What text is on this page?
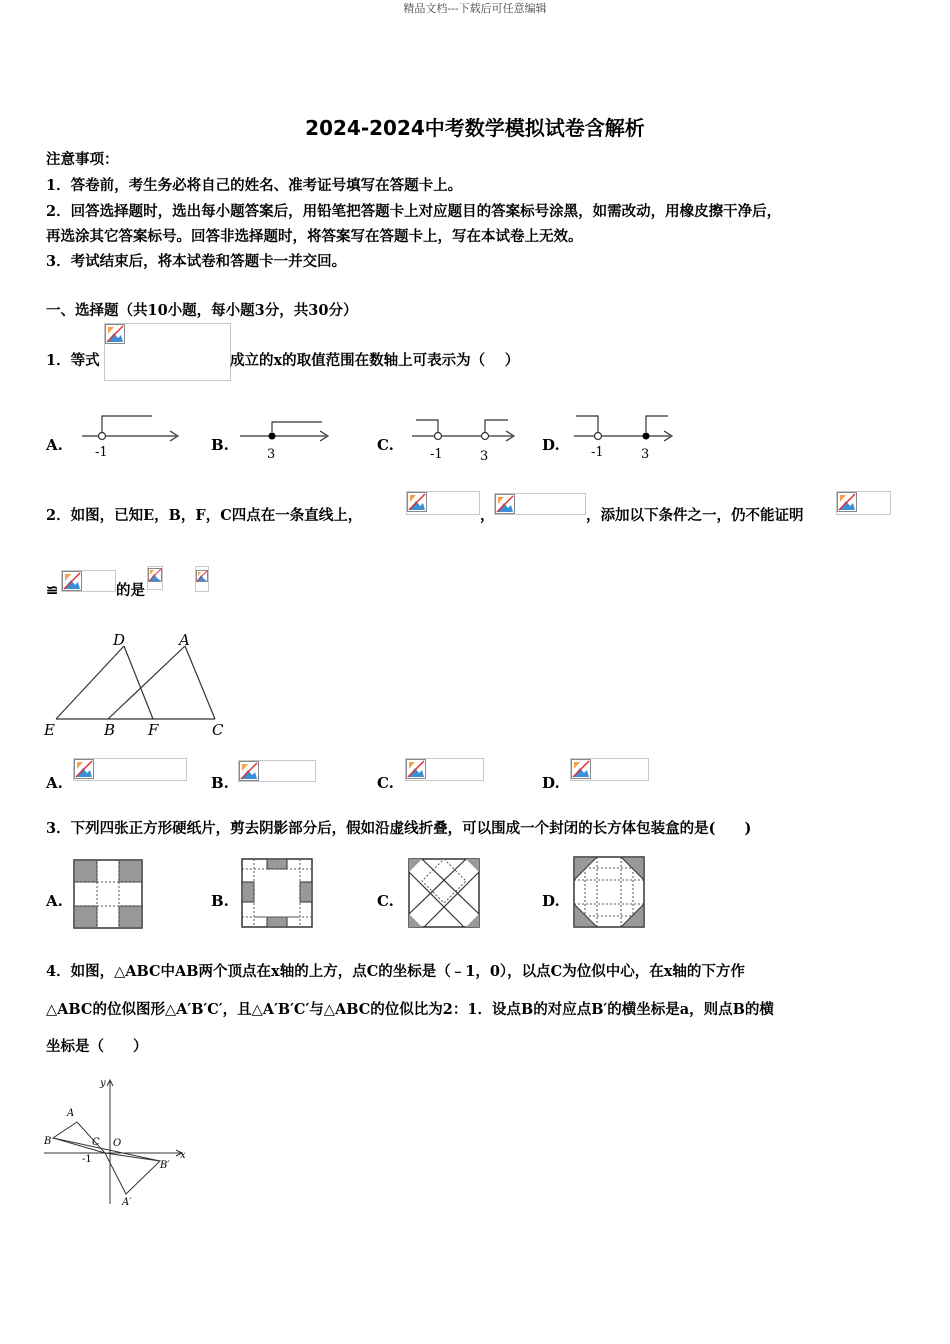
精品文档---下载后可任意编辑
2024-2024中考数学模拟试卷含解析
注意事项：
1．答卷前，考生务必将自己的姓名、准考证号填写在答题卡上。
2．回答选择题时，选出每小题答案后，用铅笔把答题卡上对应题目的答案标号涂黑，如需改动，用橡皮擦干净后，
再选涂其它答案标号。回答非选择题时，将答案写在答题卡上，写在本试卷上无效。
3．考试结束后，将本试卷和答题卡一并交回。
一、选择题（共10小题，每小题3分，共30分）
1．等式	成立的x的取值范围在数轴上可表示为（　 ）
A. -1	B.
3
C.
-1	3
D. -1	3
2．如图，已知E，B，F，C四点在一条直线上，	，	，添加以下条件之一，仍不能证明
≌	的是
D	A
E	B F	C
A.	B.	C.	D.
3．下列四张正方形硬纸片，剪去阴影部分后，假如沿虚线折叠，可以围成一个封闭的长方体包装盒的是(　　)
A.	B.	C.	D.
4．如图，△ABC中AB两个顶点在x轴的上方，点C的坐标是（﹣1，0），以点C为位似中心，在x轴的下方作
△ABC的位似图形△A′B′C′，且△A′B′C′与△ABC的位似比为2：1．设点B的对应点B′的横坐标是a，则点B的横
坐标是（　　）
y
x
A
B	C O
-1
B′
A′
